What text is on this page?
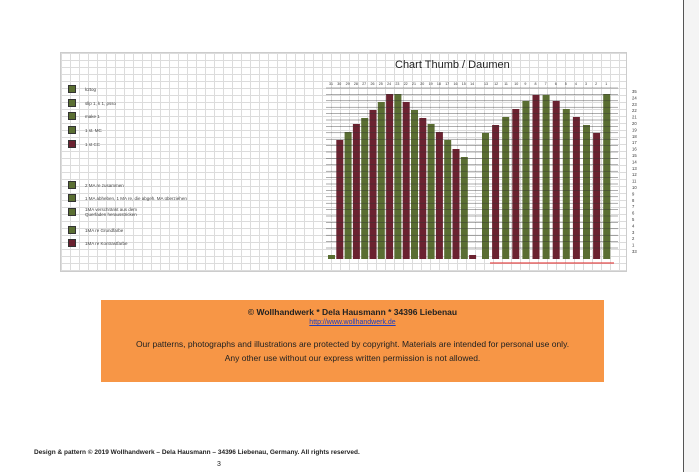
Chart Thumb / Daumen
k2tog
sllp 1, k 1, psso
make 1
1 st. MC
1 st CC
2 MA re zusammen
1 MA abheben, 1 MA re, die abgeh. MA überziehen
1MA verschränkt aus dem Querfaden herausstricken
1MA re Grundfarbe
1MA re Kontrastfarbe
31 30 29 28 27 26 25 24 23 22 21 20 19 18 17 16 15 14	13 12 11 10 9 8 7 6 5 4 3 2 1
35
24
23
22
21
20
19
18
17
16
15
14
13
12
11
10
9
8
7
6
5
4
3
2
1
33
© Wollhandwerk * Dela Hausmann * 34396 Liebenau
http://www.wollhandwerk.de
Our patterns, photographs and illustrations are protected by copyright. Materials are intended for personal use only.
Any other use without our express written permission is not allowed.
Design & pattern © 2019 Wollhandwerk – Dela Hausmann – 34396 Liebenau, Germany. All rights reserved.
3
